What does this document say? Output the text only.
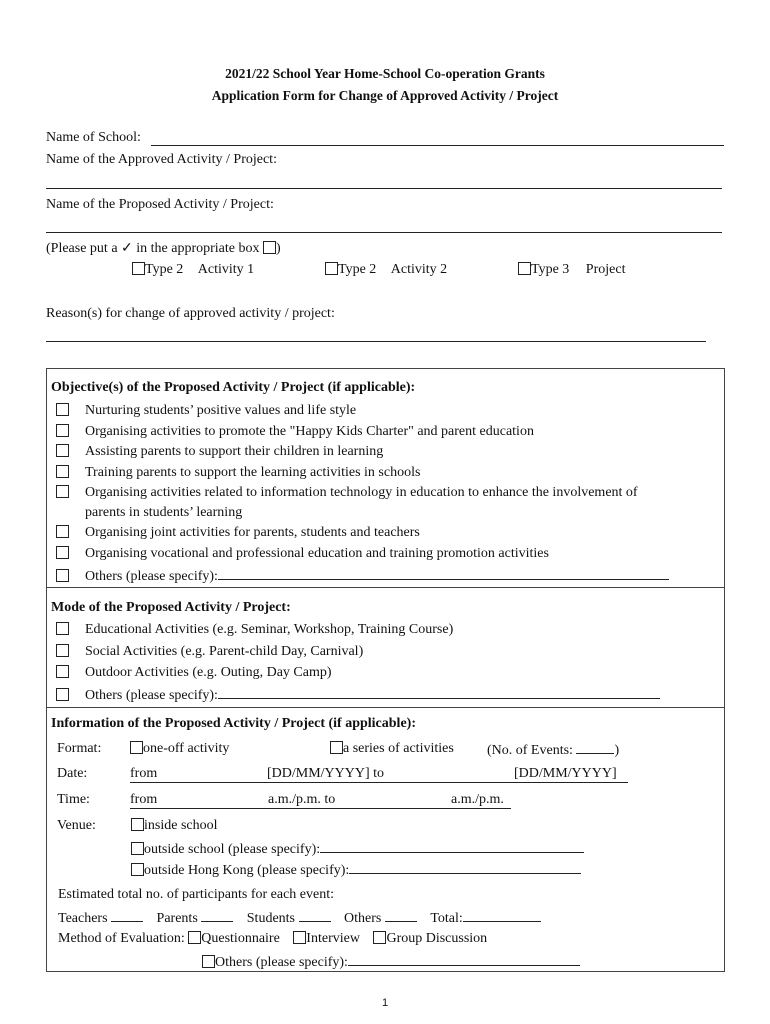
2021/22 School Year Home-School Co-operation Grants
Application Form for Change of Approved Activity / Project
Name of School:
Name of the Approved Activity / Project:
Name of the Proposed Activity / Project:
(Please put a ✓ in the appropriate box )
Type 2 Activity 1	Type 2 Activity 2	Type 3 Project
Reason(s) for change of approved activity / project:
Objective(s) of the Proposed Activity / Project (if applicable):
Nurturing students’ positive values and life style
Organising activities to promote the "Happy Kids Charter" and parent education
Assisting parents to support their children in learning
Training parents to support the learning activities in schools
Organising activities related to information technology in education to enhance the involvement of
parents in students’ learning
Organising joint activities for parents, students and teachers
Organising vocational and professional education and training promotion activities
Others (please specify):
Mode of the Proposed Activity / Project:
Educational Activities (e.g. Seminar, Workshop, Training Course)
Social Activities (e.g. Parent-child Day, Carnival)
Outdoor Activities (e.g. Outing, Day Camp)
Others (please specify):
Information of the Proposed Activity / Project (if applicable):
Format:	one-off activity	a series of activities (No. of Events:	)
Date:	from	[DD/MM/YYYY] to	[DD/MM/YYYY]
Time:	from	a.m./p.m. to	a.m./p.m.
Venue:	inside school
outside school (please specify):
outside Hong Kong (please specify):
Estimated total no. of participants for each event:
Teachers	Parents	Students	Others	Total:
Method of Evaluation: Questionnaire Interview Group Discussion
Others (please specify):
1
